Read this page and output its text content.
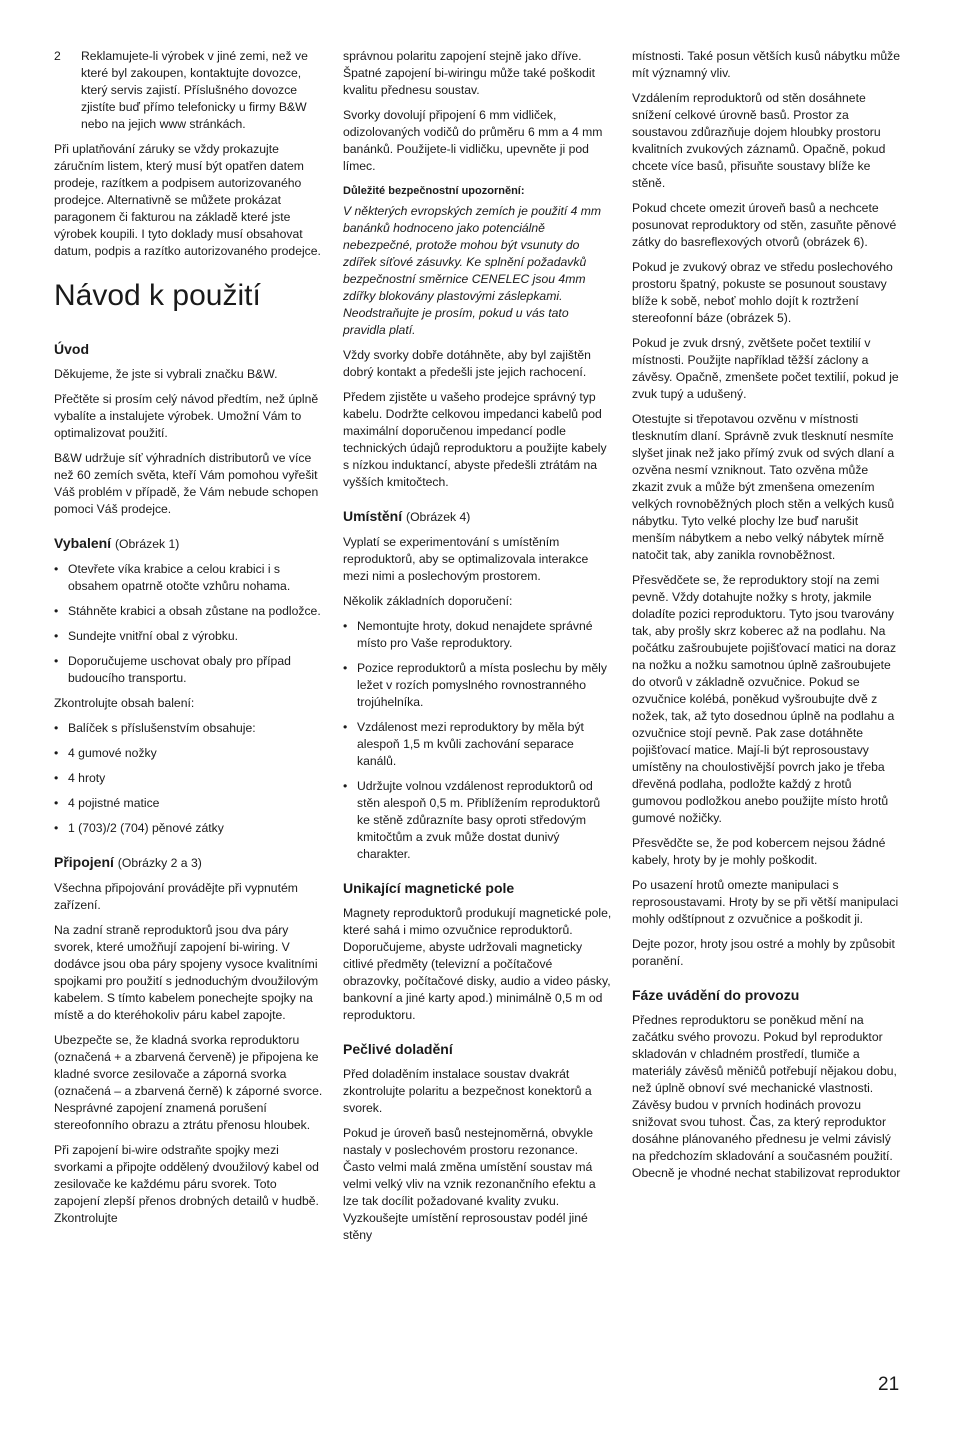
2	Reklamujete-li výrobek v jiné zemi, než ve které byl zakoupen, kontaktujte dovozce, který servis zajistí. Příslušného dovozce zjistíte buď přímo telefonicky u firmy B&W nebo na jejich www stránkách.

Při uplatňování záruky se vždy prokazujte záručním listem, který musí být opatřen datem prodeje, razítkem a podpisem autorizovaného prodejce. Alternativně se můžete prokázat paragonem či fakturou na základě které jste výrobek koupili. I tyto doklady musí obsahovat datum, podpis a razítko autorizovaného prodejce.

Návod k použití
Úvod

Děkujeme, že jste si vybrali značku B&W.

Přečtěte si prosím celý návod předtím, než úplně vybalíte a instalujete výrobek. Umožní Vám to optimalizovat použití.

B&W udržuje síť výhradních distributorů ve více než 60 zemích světa, kteří Vám pomohou vyřešit Váš problém v případě, že Vám nebude schopen pomoci Váš prodejce.

Vybalení (Obrázek 1)
• Otevřete víka krabice a celou krabici i s obsahem opatrně otočte vzhůru nohama.
• Stáhněte krabici a obsah zůstane na podložce.
• Sundejte vnitřní obal z výrobku.
• Doporučujeme uschovat obaly pro případ budoucího transportu.

Zkontrolujte obsah balení:

• Balíček s příslušenstvím obsahuje:
• 4 gumové nožky
• 4 hroty
• 4 pojistné matice
• 1 (703)/2 (704) pěnové zátky
Připojení (Obrázky 2 a 3)

Všechna připojování provádějte při vypnutém zařízení.

Na zadní straně reproduktorů jsou dva páry svorek, které umožňují zapojení bi-wiring. V dodávce jsou oba páry spojeny vysoce kvalitními spojkami pro použití s jednoduchým dvoužilovým kabelem. S tímto kabelem ponechejte spojky na místě a do kteréhokoliv páru kabel zapojte.

Ubezpečte se, že kladná svorka reproduktoru (označená + a zbarvená červeně) je připojena ke kladné svorce zesilovače a záporná svorka (označená – a zbarvená černě) k záporné svorce. Nesprávné zapojení znamená porušení stereofonního obrazu a ztrátu přenosu hloubek.

Při zapojení bi-wire odstraňte spojky mezi svorkami a připojte oddělený dvoužilový kabel od zesilovače ke každému páru svorek. Toto zapojení zlepší přenos drobných detailů v hudbě. Zkontrolujte

správnou polaritu zapojení stejně jako dříve. Špatné zapojení bi-wiringu může také poškodit kvalitu přednesu soustav.

Svorky dovolují připojení 6 mm vidliček, odizolovaných vodičů do průměru 6 mm a 4 mm banánků. Použijete-li vidličku, upevněte ji pod límec.

Důležité bezpečnostní upozornění:

V některých evropských zemích je použití 4 mm banánků hodnoceno jako potenciálně nebezpečné, protože mohou být vsunuty do zdířek síťové zásuvky. Ke splnění požadavků bezpečnostní směrnice CENELEC jsou 4mm zdířky blokovány plastovými záslepkami. Neodstraňujte je prosím, pokud u vás tato pravidla platí.

Vždy svorky dobře dotáhněte, aby byl zajištěn dobrý kontakt a předešli jste jejich rachocení.

Předem zjistěte u vašeho prodejce správný typ kabelu. Dodržte celkovou impedanci kabelů pod maximální doporučenou impedancí podle technických údajů reproduktoru a použijte kabely s nízkou induktancí, abyste předešli ztrátám na vyšších kmitočtech.

Umístění (Obrázek 4)

Vyplatí se experimentování s umístěním reproduktorů, aby se optimalizovala interakce mezi nimi a poslechovým prostorem.

Několik základních doporučení:

• Nemontujte hroty, dokud nenajdete správné místo pro Vaše reproduktory.
• Pozice reproduktorů a místa poslechu by měly ležet v rozích pomyslného rovnostranného trojúhelníka.
• Vzdálenost mezi reproduktory by měla být alespoň 1,5 m kvůli zachování separace kanálů.
• Udržujte volnou vzdálenost reproduktorů od stěn alespoň 0,5 m. Přiblížením reproduktorů ke stěně zdůrazníte basy oproti středovým kmitočtům a zvuk může dostat dunivý charakter.
Unikající magnetické pole

Magnety reproduktorů produkují magnetické pole, které sahá i mimo ozvučnice reproduktorů. Doporučujeme, abyste udržovali magneticky citlivé předměty (televizní a počítačové obrazovky, počítačové disky, audio a video pásky, bankovní a jiné karty apod.) minimálně 0,5 m od reproduktoru.

Pečlivé doladění

Před doladěním instalace soustav dvakrát zkontrolujte polaritu a bezpečnost konektorů a svorek.

Pokud je úroveň basů nestejnoměrná, obvykle nastaly v poslechovém prostoru rezonance. Často velmi malá změna umístění soustav má velmi velký vliv na vznik rezonančního efektu a lze tak docílit požadované kvality zvuku. Vyzkoušejte umístění reprosoustav podél jiné stěny

místnosti. Také posun větších kusů nábytku může mít významný vliv.

Vzdálením reproduktorů od stěn dosáhnete snížení celkové úrovně basů. Prostor za soustavou zdůrazňuje dojem hloubky prostoru kvalitních zvukových záznamů. Opačně, pokud chcete více basů, přisuňte soustavy blíže ke stěně.

Pokud chcete omezit úroveň basů a nechcete posunovat reproduktory od stěn, zasuňte pěnové zátky do basreflexových otvorů (obrázek 6).

Pokud je zvukový obraz ve středu poslechového prostoru špatný, pokuste se posunout soustavy blíže k sobě, neboť mohlo dojít k roztržení stereofonní báze (obrázek 5).

Pokud je zvuk drsný, zvětšete počet textilií v místnosti. Použijte například těžší záclony a závěsy. Opačně, zmenšete počet textilií, pokud je zvuk tupý a udušený.

Otestujte si třepotavou ozvěnu v místnosti tlesknutím dlaní. Správně zvuk tlesknutí nesmíte slyšet jinak než jako přímý zvuk od svých dlaní a ozvěna nesmí vzniknout. Tato ozvěna může zkazit zvuk a může být zmenšena omezením velkých rovnoběžných ploch stěn a velkých kusů nábytku. Tyto velké plochy lze buď narušit menším nábytkem a nebo velký nábytek mírně natočit tak, aby zanikla rovnoběžnost.

Přesvědčete se, že reproduktory stojí na zemi pevně. Vždy dotahujte nožky s hroty, jakmile doladíte pozici reproduktoru. Tyto jsou tvarovány tak, aby prošly skrz koberec až na podlahu. Na počátku zašroubujete pojišťovací matici na doraz na nožku a nožku samotnou úplně zašroubujete do otvorů v základně ozvučnice. Pokud se ozvučnice kolébá, poněkud vyšroubujte dvě z nožek, tak, až tyto dosednou úplně na podlahu a ozvučnice stojí pevně. Pak zase dotáhněte pojišťovací matice. Mají-li být reprosoustavy umístěny na choulostivější povrch jako je třeba dřevěná podlaha, podložte každý z hrotů gumovou podložkou anebo použijte místo hrotů gumové nožičky.

Přesvědčte se, že pod kobercem nejsou žádné kabely, hroty by je mohly poškodit.

Po usazení hrotů omezte manipulaci s reprosoustavami. Hroty by se při větší manipulaci mohly odštípnout z ozvučnice a poškodit ji.

Dejte pozor, hroty jsou ostré a mohly by způsobit poranění.

Fáze uvádění do provozu

Přednes reproduktoru se poněkud mění na začátku svého provozu. Pokud byl reproduktor skladován v chladném prostředí, tlumiče a materiály závěsů měničů potřebují nějakou dobu, než úplně obnoví své mechanické vlastnosti. Závěsy budou v prvních hodinách provozu snižovat svou tuhost. Čas, za který reproduktor dosáhne plánovaného přednesu je velmi závislý na předchozím skladování a současném použití. Obecně je vhodné nechat stabilizovat reproduktor

21
